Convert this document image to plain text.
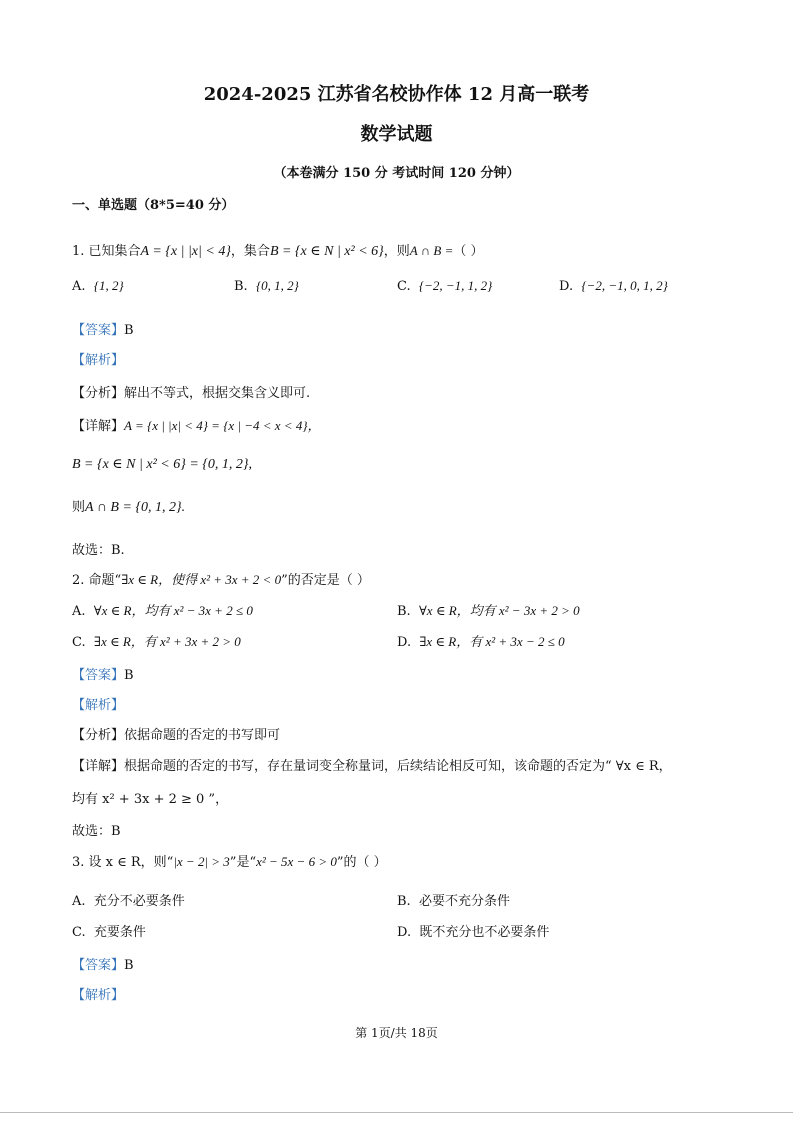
2024-2025 江苏省名校协作体 12 月高一联考
数学试题
（本卷满分 150 分 考试时间 120 分钟）
一、单选题（8*5=40 分）
1. 已知集合A = {x | |x| < 4}，集合B = {x ∈ N | x² < 6}，则A ∩ B =（ ）
A. {1, 2}	B. {0, 1, 2}	C. {−2, −1, 1, 2}	D. {−2, −1, 0, 1, 2}
【答案】B
【解析】
【分析】解出不等式，根据交集含义即可.
【详解】A = {x | |x| < 4} = {x | −4 < x < 4}，
B = {x ∈ N | x² < 6} = {0, 1, 2},
则A ∩ B = {0, 1, 2}.
故选：B.
2. 命题“∃x ∈ R，使得 x² + 3x + 2 < 0”的否定是（ ）
A. ∀x ∈ R，均有 x² − 3x + 2 ≤ 0	B. ∀x ∈ R，均有 x² − 3x + 2 > 0
C. ∃x ∈ R，有 x² + 3x + 2 > 0	D. ∃x ∈ R，有 x² + 3x − 2 ≤ 0
【答案】B
【解析】
【分析】依据命题的否定的书写即可
【详解】根据命题的否定的书写，存在量词变全称量词，后续结论相反可知，该命题的否定为“ ∀x ∈ R，
均有 x² + 3x + 2 ≥ 0 ”，
故选：B
3. 设 x ∈ R，则“|x − 2| > 3”是“x² − 5x − 6 > 0”的（ ）
A. 充分不必要条件	B. 必要不充分条件
C. 充要条件	D. 既不充分也不必要条件
【答案】B
【解析】
第 1页/共 18页
